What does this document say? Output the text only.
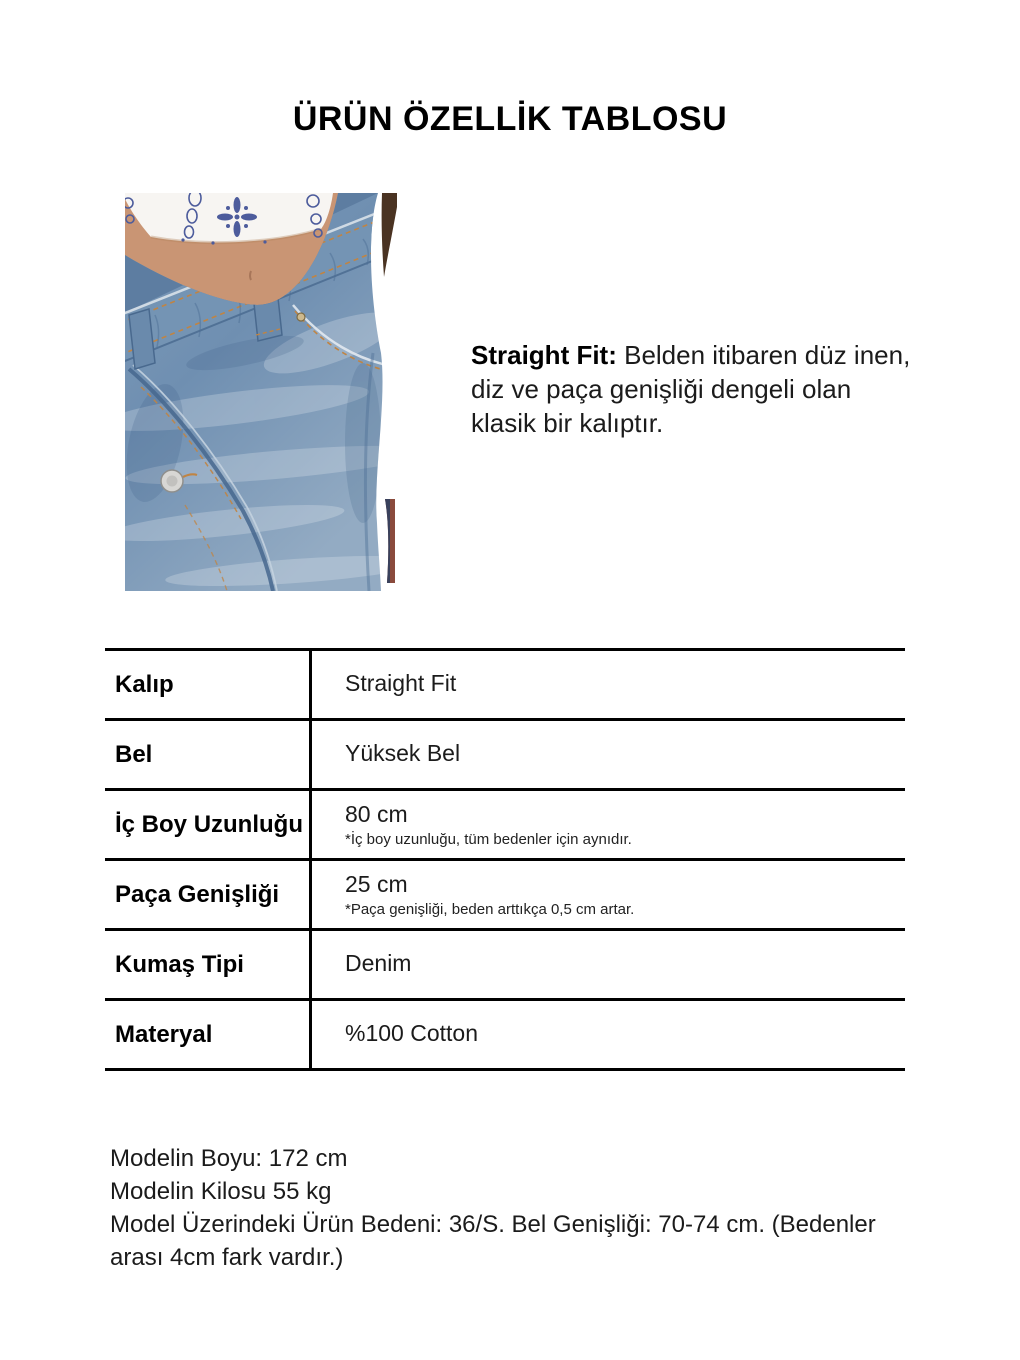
ÜRÜN ÖZELLİK TABLOSU
Straight Fit: Belden itibaren düz inen,
diz ve paça genişliği dengeli olan
klasik bir kalıptır.
Kalıp	Straight Fit
Bel	Yüksek Bel
İç Boy Uzunluğu	80 cm
*İç boy uzunluğu, tüm bedenler için aynıdır.
Paça Genişliği	25 cm
*Paça genişliği, beden arttıkça 0,5 cm artar.
Kumaş Tipi	Denim
Materyal	%100 Cotton
Modelin Boyu: 172 cm
Modelin Kilosu 55 kg
Model Üzerindeki Ürün Bedeni: 36/S. Bel Genişliği: 70-74 cm. (Bedenler
arası 4cm fark vardır.)
